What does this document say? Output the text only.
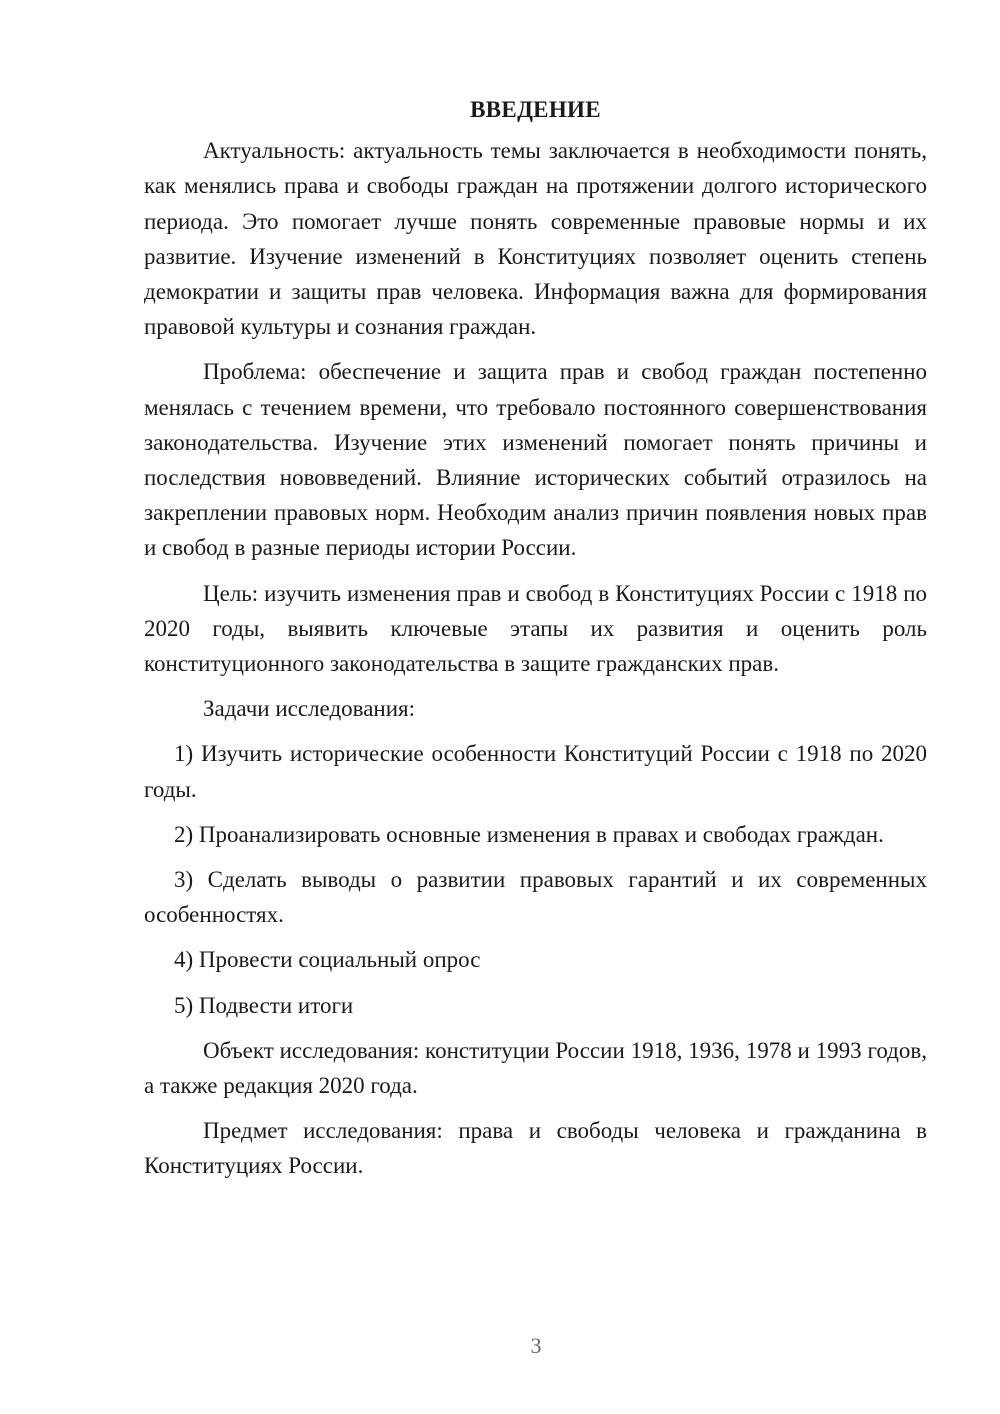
ВВЕДЕНИЕ

Актуальность: актуальность темы заключается в необходимости понять, как менялись права и свободы граждан на протяжении долгого исторического периода. Это помогает лучше понять современные правовые нормы и их развитие. Изучение изменений в Конституциях позволяет оценить степень демократии и защиты прав человека. Информация важна для формирования правовой культуры и сознания граждан.

Проблема: обеспечение и защита прав и свобод граждан постепенно менялась с течением времени, что требовало постоянного совершенствования законодательства. Изучение этих изменений помогает понять причины и последствия нововведений. Влияние исторических событий отразилось на закреплении правовых норм. Необходим анализ причин появления новых прав и свобод в разные периоды истории России.

Цель: изучить изменения прав и свобод в Конституциях России с 1918 по 2020 годы, выявить ключевые этапы их развития и оценить роль конституционного законодательства в защите гражданских прав.

Задачи исследования:

1) Изучить исторические особенности Конституций России с 1918 по 2020 годы.

2) Проанализировать основные изменения в правах и свободах граждан.

3) Сделать выводы о развитии правовых гарантий и их современных особенностях.

4) Провести социальный опрос

5) Подвести итоги

Объект исследования: конституции России 1918, 1936, 1978 и 1993 годов, а также редакция 2020 года.

Предмет исследования: права и свободы человека и гражданина в Конституциях России.

3
